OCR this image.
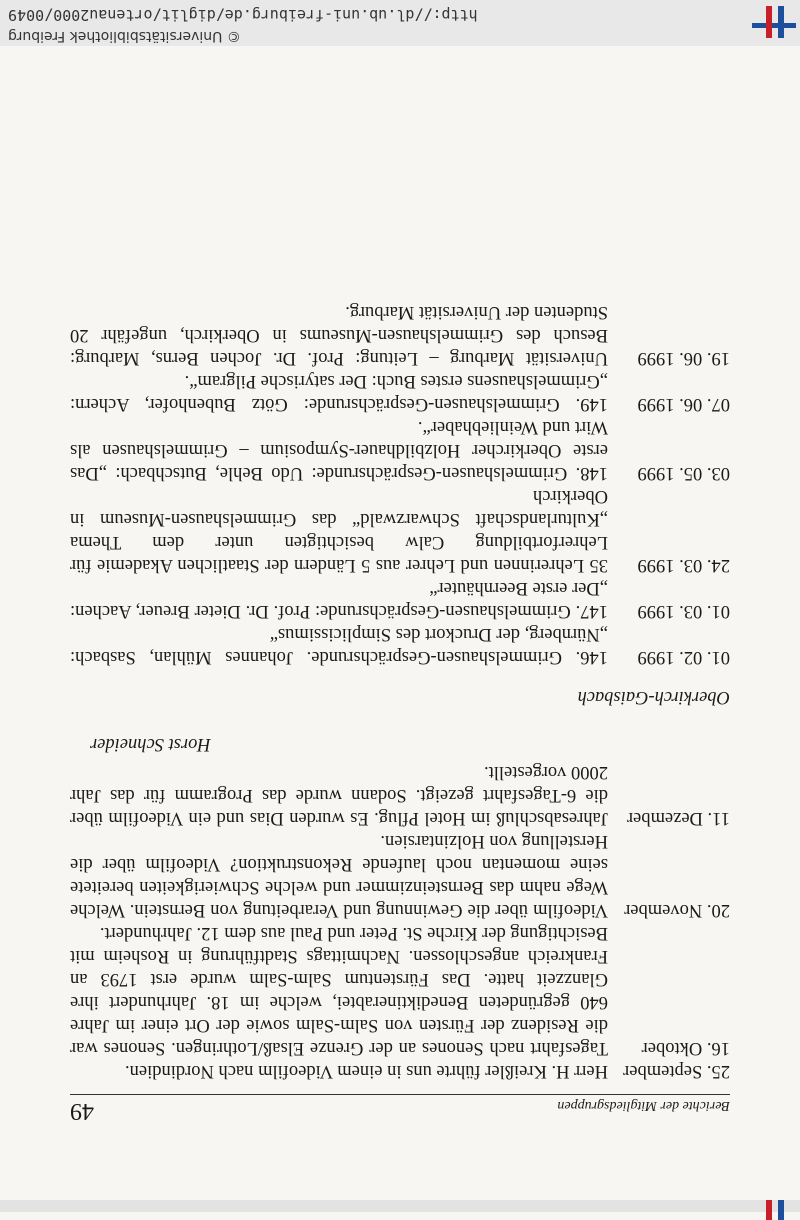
Berichte der Mitgliedsgruppen
49
25. September
Herr H. Kreißler führte uns in einem Videofilm nach Nordindien.
16. Oktober
Tagesfahrt nach Senones an der Grenze Elsaß/Lothringen. Senones war die Residenz der Fürsten von Salm-Salm sowie der Ort einer im Jahre 640 gegründeten Benediktinerabtei, welche im 18. Jahrhundert ihre Glanzzeit hatte. Das Fürstentum Salm-Salm wurde erst 1793 an Frankreich angeschlossen. Nachmittags Stadtführung in Rosheim mit Besichtigung der Kirche St. Peter und Paul aus dem 12. Jahrhundert.
20. November
Videofilm über die Gewinnung und Verarbeitung von Bernstein. Welche Wege nahm das Bernsteinzimmer und welche Schwierigkeiten bereitete seine momentan noch laufende Rekonstruktion? Videofilm über die Herstellung von Holzintarsien.
11. Dezember
Jahresabschluß im Hotel Pflug. Es wurden Dias und ein Videofilm über die 6-Tagesfahrt gezeigt. Sodann wurde das Programm für das Jahr 2000 vorgestellt.
Horst Schneider
Oberkirch-Gaisbach
01. 02. 1999
146. Grimmelshausen-Gesprächsrunde. Johannes Mühlan, Sasbach: „Nürnberg, der Druckort des Simplicissimus“
01. 03. 1999
147. Grimmelshausen-Gesprächsrunde: Prof. Dr. Dieter Breuer, Aachen: „Der erste Beernhäuter“
24. 03. 1999
35 Lehrerinnen und Lehrer aus 5 Ländern der Staatlichen Akademie für Lehrerfortbildung Calw besichtigten unter dem Thema „Kulturlandschaft Schwarzwald“ das Grimmelshausen-Museum in Oberkirch
03. 05. 1999
148. Grimmelshausen-Gesprächsrunde: Udo Behle, Butschbach: „Das erste Oberkircher Holzbildhauer-Symposium – Grimmelshausen als Wirt und Weinliebhaber“.
07. 06. 1999
149. Grimmelshausen-Gesprächsrunde: Götz Bubenhofer, Achern: „Grimmelshausens erstes Buch: Der satyrische Pilgram“.
19. 06. 1999
Universität Marburg – Leitung: Prof. Dr. Jochen Berns, Marburg: Besuch des Grimmelshausen-Museums in Oberkirch, ungefähr 20 Studenten der Universität Marburg.
© Universitätsbibliothek Freiburg
http://dl.ub.uni-freiburg.de/diglit/ortenau2000/0049
